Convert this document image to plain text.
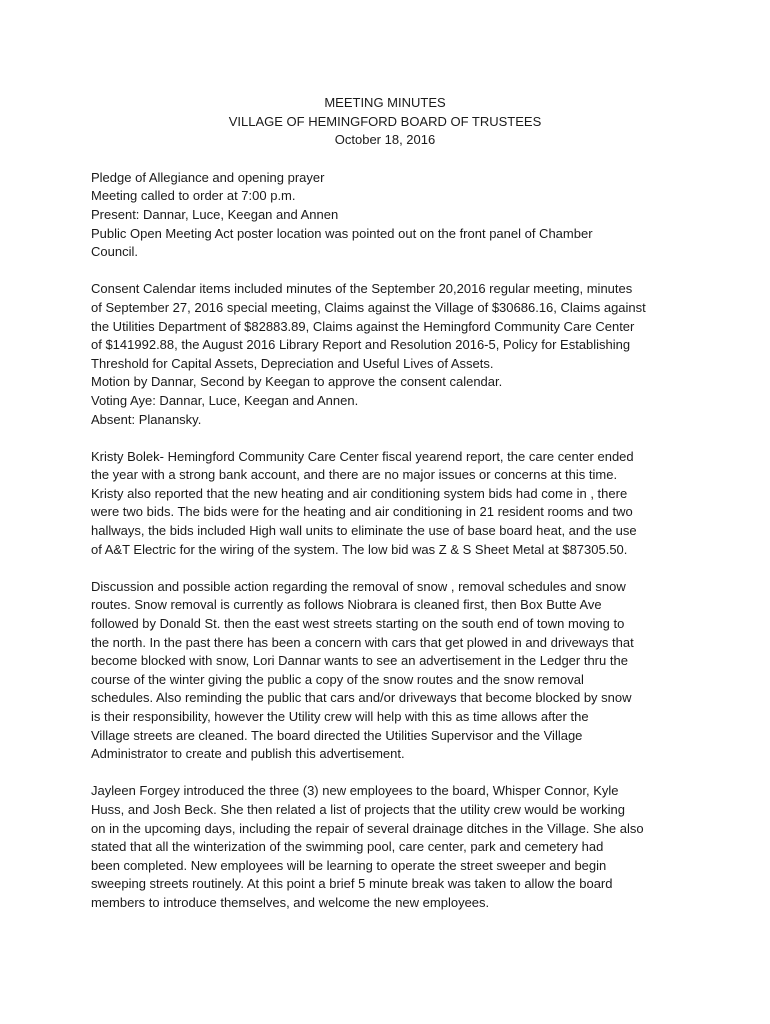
MEETING MINUTES
VILLAGE OF HEMINGFORD BOARD OF TRUSTEES
October 18, 2016
Pledge of Allegiance and opening prayer
Meeting called to order at 7:00 p.m.
Present: Dannar, Luce, Keegan and Annen
Public Open Meeting Act poster location was pointed out on the front panel of Chamber
Council.
Consent Calendar items included minutes of the September 20,2016 regular meeting, minutes
of September 27, 2016 special meeting, Claims against the Village of $30686.16, Claims against
the Utilities Department of $82883.89, Claims against the Hemingford Community Care Center
of $141992.88, the August 2016 Library Report and Resolution 2016-5, Policy for Establishing
Threshold for Capital Assets, Depreciation and Useful Lives of Assets.
Motion by Dannar, Second by Keegan to approve the consent calendar.
Voting Aye: Dannar, Luce, Keegan and Annen.
Absent: Planansky.
Kristy Bolek- Hemingford Community Care Center fiscal yearend report, the care center ended
the year with a strong bank account, and there are no major issues or concerns at this time.
Kristy also reported that the new heating and air conditioning system bids had come in , there
were two bids. The bids were for the heating and air conditioning in 21 resident rooms and two
hallways, the bids included High wall units to eliminate the use of base board heat, and the use
of A&T Electric for the wiring of the system. The low bid was Z & S Sheet Metal at $87305.50.
Discussion and possible action regarding the removal of snow , removal schedules and snow
routes. Snow removal is currently as follows Niobrara is cleaned first, then Box Butte Ave
followed by Donald St. then the east west streets starting on the south end of town moving to
the north. In the past there has been a concern with cars that get plowed in and driveways that
become blocked with snow, Lori Dannar wants to see an advertisement in the Ledger thru the
course of the winter giving the public a copy of the snow routes and the snow removal
schedules. Also reminding the public that cars and/or driveways that become blocked by snow
is their responsibility, however the Utility crew will help with this as time allows after the
Village streets are cleaned. The board directed the Utilities Supervisor and the Village
Administrator to create and publish this advertisement.
Jayleen Forgey introduced the three (3) new employees to the board, Whisper Connor, Kyle
Huss, and Josh Beck. She then related a list of projects that the utility crew would be working
on in the upcoming days, including the repair of several drainage ditches in the Village. She also
stated that all the winterization of the swimming pool, care center, park and cemetery had
been completed. New employees will be learning to operate the street sweeper and begin
sweeping streets routinely. At this point a brief 5 minute break was taken to allow the board
members to introduce themselves, and welcome the new employees.
